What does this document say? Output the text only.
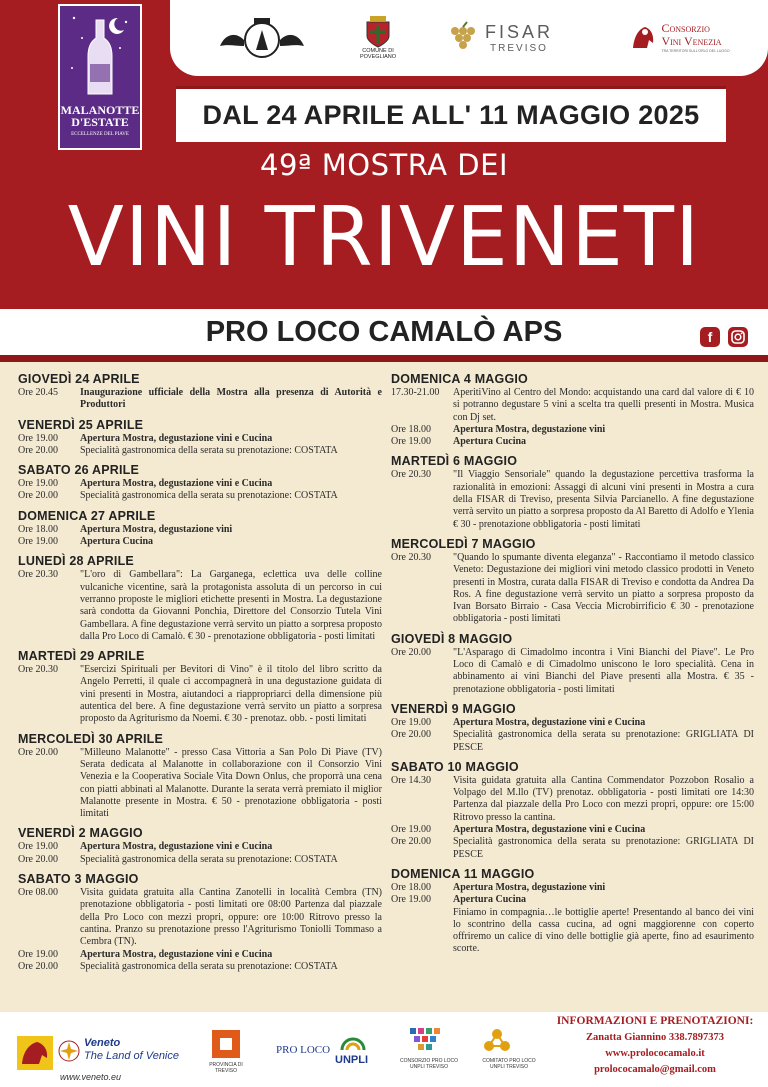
COMUNE DI POVEGLIANO
FISAR
TREVISO
Consorzio
Vini Venezia
TRA TERRITORI SULL'ORLO DEL LUOGO
MALANOTTE
D'ESTATE
ECCELLENZE DEL PIAVE
DAL 24 APRILE ALL' 11 MAGGIO 2025
49ª MOSTRA DEI
VINI TRIVENETI
PRO LOCO CAMALÒ APS	f
GIOVEDÌ 24 APRILE
Ore 20.45	Inaugurazione ufficiale della Mostra alla presenza di Autorità e Produttori
VENERDÌ 25 APRILE
Ore 19.00	Apertura Mostra, degustazione vini e Cucina
Ore 20.00	Specialità gastronomica della serata su prenotazione: COSTATA
SABATO 26 APRILE
Ore 19.00	Apertura Mostra, degustazione vini e Cucina
Ore 20.00	Specialità gastronomica della serata su prenotazione: COSTATA
DOMENICA 27 APRILE
Ore 18.00	Apertura Mostra, degustazione vini
Ore 19.00	Apertura Cucina
LUNEDÌ 28 APRILE
Ore 20.30	"L'oro di Gambellara": La Garganega, eclettica uva delle colline vulcaniche vicentine, sarà la protagonista assoluta di un percorso in cui verranno proposte le migliori etichette presenti in Mostra. La degustazione sarà condotta da Giovanni Ponchia, Direttore del Consorzio Tutela Vini Gambellara. A fine degustazione verrà servito un piatto a sorpresa proposto dalla Pro Loco di Camalò. € 30 - prenotazione obbligatoria - posti limitati
MARTEDÌ 29 APRILE
Ore 20.30	"Esercizi Spirituali per Bevitori di Vino" è il titolo del libro scritto da Angelo Perretti, il quale ci accompagnerà in una degustazione guidata di vini presenti in Mostra, aiutandoci a riappropriarci della dimensione più autentica del bere. A fine degustazione verrà servito un piatto a sorpresa proposto da Agriturismo da Noemi. € 30 - prenotaz. obb. - posti limitati
MERCOLEDÌ 30 APRILE
Ore 20.00	"Milleuno Malanotte" - presso Casa Vittoria a San Polo Di Piave (TV) Serata dedicata al Malanotte in collaborazione con il Consorzio Vini Venezia e la Cooperativa Sociale Vita Down Onlus, che proporrà una cena con piatti abbinati al Malanotte. Durante la serata verrà premiato il miglior Malanotte presente in Mostra. € 50 - prenotazione obbligatoria - posti limitati
VENERDÌ 2 MAGGIO
Ore 19.00	Apertura Mostra, degustazione vini e Cucina
Ore 20.00	Specialità gastronomica della serata su prenotazione: COSTATA
SABATO 3 MAGGIO
Ore 08.00	Visita guidata gratuita alla Cantina Zanotelli in località Cembra (TN) prenotazione obbligatoria - posti limitati ore 08:00 Partenza dal piazzale della Pro Loco con mezzi propri, oppure: ore 10:00 Ritrovo presso la cantina. Pranzo su prenotazione presso l'Agriturismo Toniolli Tommaso a Cembra (TN).
Ore 19.00	Apertura Mostra, degustazione vini e Cucina
Ore 20.00	Specialità gastronomica della serata su prenotazione: COSTATA
DOMENICA 4 MAGGIO
17.30-21.00	AperitiVino al Centro del Mondo: acquistando una card dal valore di € 10 si potranno degustare 5 vini a scelta tra quelli presenti in Mostra. Musica con Dj set.
Ore 18.00	Apertura Mostra, degustazione vini
Ore 19.00	Apertura Cucina
MARTEDÌ 6 MAGGIO
Ore 20.30	"Il Viaggio Sensoriale" quando la degustazione percettiva trasforma la razionalità in emozioni: Assaggi di alcuni vini presenti in Mostra a cura della FISAR di Treviso, presenta Silvia Parcianello. A fine degustazione verrà servito un piatto a sorpresa proposto da Al Baretto di Adolfo e Ylenia € 30 - prenotazione obbligatoria - posti limitati
MERCOLEDÌ 7 MAGGIO
Ore 20.30	"Quando lo spumante diventa eleganza" - Raccontiamo il metodo classico Veneto: Degustazione dei migliori vini metodo classico prodotti in Veneto presenti in Mostra, curata dalla FISAR di Treviso e condotta da Andrea Da Ros. A fine degustazione verrà servito un piatto a sorpresa proposto da Ivan Borsato Birraio - Casa Veccia Microbirrificio € 30 - prenotazione obbligatoria - posti limitati
GIOVEDÌ 8 MAGGIO
Ore 20.00	"L'Asparago di Cimadolmo incontra i Vini Bianchi del Piave". Le Pro Loco di Camalò e di Cimadolmo uniscono le loro specialità. Cena in abbinamento ai vini Bianchi del Piave presenti alla Mostra. € 35 - prenotazione obbligatoria - posti limitati
VENERDÌ 9 MAGGIO
Ore 19.00	Apertura Mostra, degustazione vini e Cucina
Ore 20.00	Specialità gastronomica della serata su prenotazione: GRIGLIATA DI PESCE
SABATO 10 MAGGIO
Ore 14.30	Visita guidata gratuita alla Cantina Commendator Pozzobon Rosalio a Volpago del M.llo (TV) prenotaz. obbligatoria - posti limitati ore 14:30 Partenza dal piazzale della Pro Loco con mezzi propri, oppure: ore 15:00 Ritrovo presso la cantina.
Ore 19.00	Apertura Mostra, degustazione vini e Cucina
Ore 20.00	Specialità gastronomica della serata su prenotazione: GRIGLIATA DI PESCE
DOMENICA 11 MAGGIO
Ore 18.00	Apertura Mostra, degustazione vini
Ore 19.00	Apertura Cucina
Finiamo in compagnia…le bottiglie aperte! Presentando al banco dei vini lo scontrino della cassa cucina, ad ogni maggiorenne con coperto offriremo un calice di vino delle bottiglie già aperte, fino ad esaurimento scorte.
Veneto
The Land of Venice
www.veneto.eu
PROVINCIA DI TREVISO
PRO LOCO
UNPLI	CONSORZIO PRO LOCO UNPLI TREVISO
COMITATO PRO LOCO UNPLI TREVISO
INFORMAZIONI E PRENOTAZIONI:
Zanatta Giannino 338.7897373
www.prolococamalo.it
prolococamalo@gmail.com
